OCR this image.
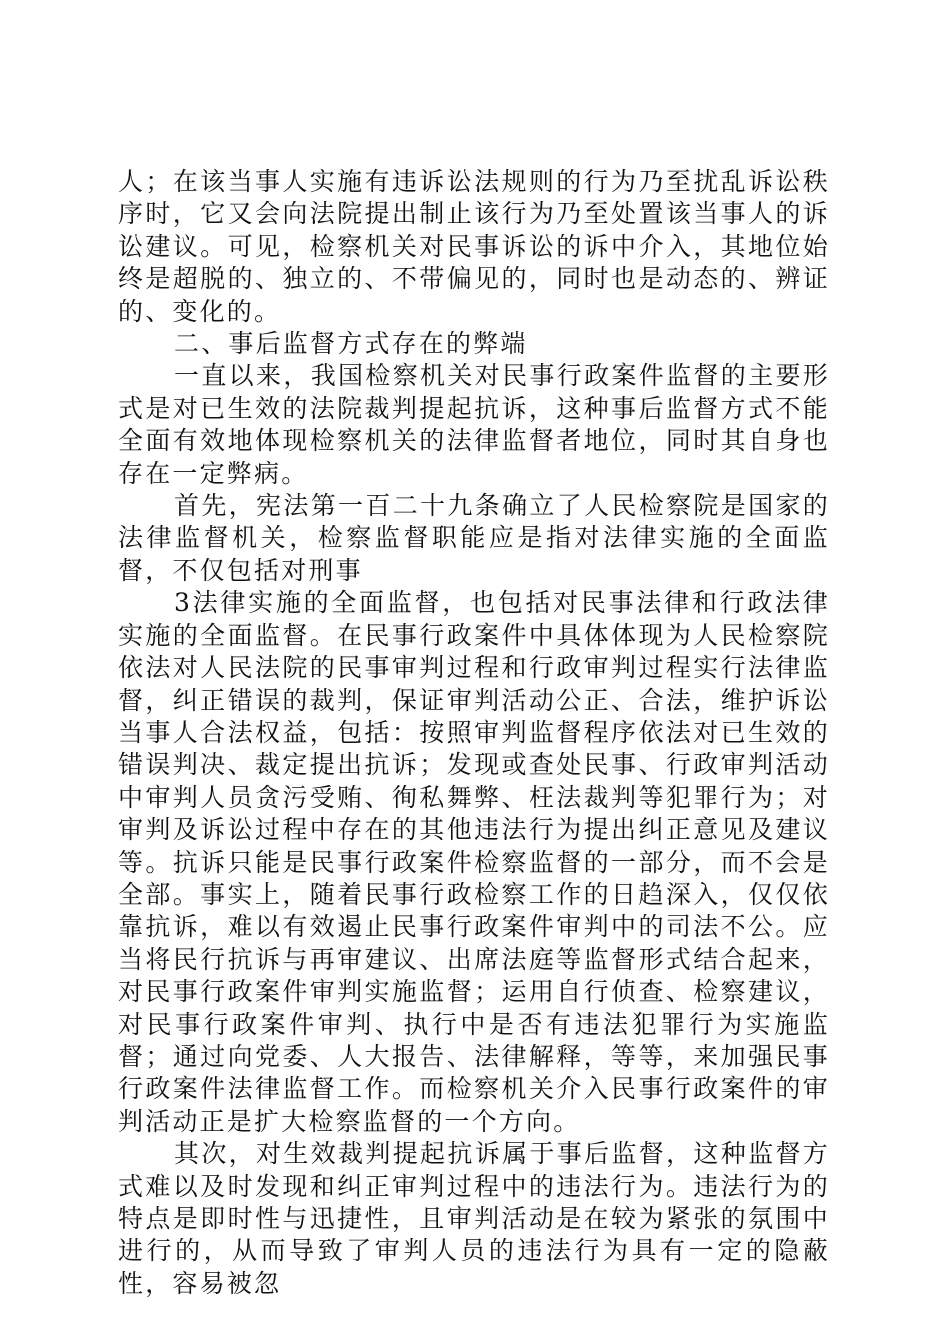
人；在该当事人实施有违诉讼法规则的行为乃至扰乱诉讼秩序时，它又会向法院提出制止该行为乃至处置该当事人的诉讼建议。可见，检察机关对民事诉讼的诉中介入，其地位始终是超脱的、独立的、不带偏见的，同时也是动态的、辨证的、变化的。

二、事后监督方式存在的弊端

一直以来，我国检察机关对民事行政案件监督的主要形式是对已生效的法院裁判提起抗诉，这种事后监督方式不能全面有效地体现检察机关的法律监督者地位，同时其自身也存在一定弊病。

首先，宪法第一百二十九条确立了人民检察院是国家的法律监督机关，检察监督职能应是指对法律实施的全面监督，不仅包括对刑事

3法律实施的全面监督，也包括对民事法律和行政法律实施的全面监督。在民事行政案件中具体体现为人民检察院依法对人民法院的民事审判过程和行政审判过程实行法律监督，纠正错误的裁判，保证审判活动公正、合法，维护诉讼当事人合法权益，包括：按照审判监督程序依法对已生效的错误判决、裁定提出抗诉；发现或查处民事、行政审判活动中审判人员贪污受贿、徇私舞弊、枉法裁判等犯罪行为；对审判及诉讼过程中存在的其他违法行为提出纠正意见及建议等。抗诉只能是民事行政案件检察监督的一部分，而不会是全部。事实上，随着民事行政检察工作的日趋深入，仅仅依靠抗诉，难以有效遏止民事行政案件审判中的司法不公。应当将民行抗诉与再审建议、出席法庭等监督形式结合起来，对民事行政案件审判实施监督；运用自行侦查、检察建议，对民事行政案件审判、执行中是否有违法犯罪行为实施监督；通过向党委、人大报告、法律解释，等等，来加强民事行政案件法律监督工作。而检察机关介入民事行政案件的审判活动正是扩大检察监督的一个方向。

其次，对生效裁判提起抗诉属于事后监督，这种监督方式难以及时发现和纠正审判过程中的违法行为。违法行为的特点是即时性与迅捷性，且审判活动是在较为紧张的氛围中进行的，从而导致了审判人员的违法行为具有一定的隐蔽性，容易被忽
